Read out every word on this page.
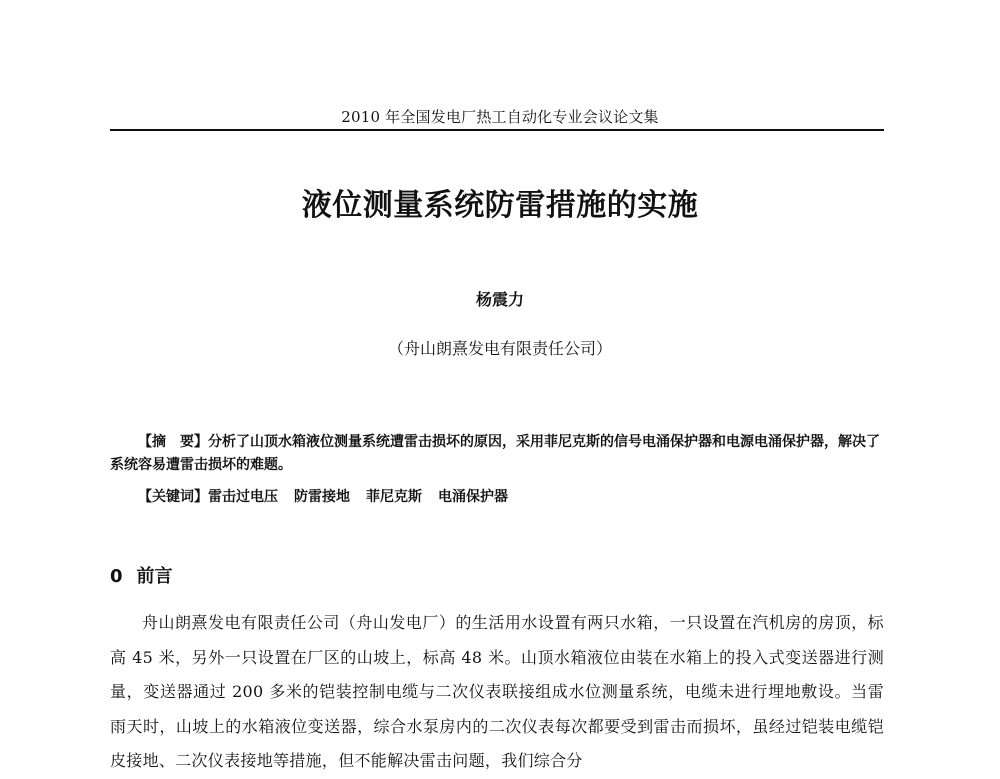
2010 年全国发电厂热工自动化专业会议论文集
液位测量系统防雷措施的实施
杨震力
（舟山朗熹发电有限责任公司）
【摘　要】分析了山顶水箱液位测量系统遭雷击损坏的原因，采用菲尼克斯的信号电涌保护器和电源电涌保护器，解决了系统容易遭雷击损坏的难题。
【关键词】雷击过电压 防雷接地 菲尼克斯 电涌保护器
0 前言
舟山朗熹发电有限责任公司（舟山发电厂）的生活用水设置有两只水箱，一只设置在汽机房的房顶，标高 45 米，另外一只设置在厂区的山坡上，标高 48 米。山顶水箱液位由装在水箱上的投入式变送器进行测量，变送器通过 200 多米的铠装控制电缆与二次仪表联接组成水位测量系统，电缆未进行埋地敷设。当雷雨天时，山坡上的水箱液位变送器，综合水泵房内的二次仪表每次都要受到雷击而损坏，虽经过铠装电缆铠皮接地、二次仪表接地等措施，但不能解决雷击问题，我们综合分
